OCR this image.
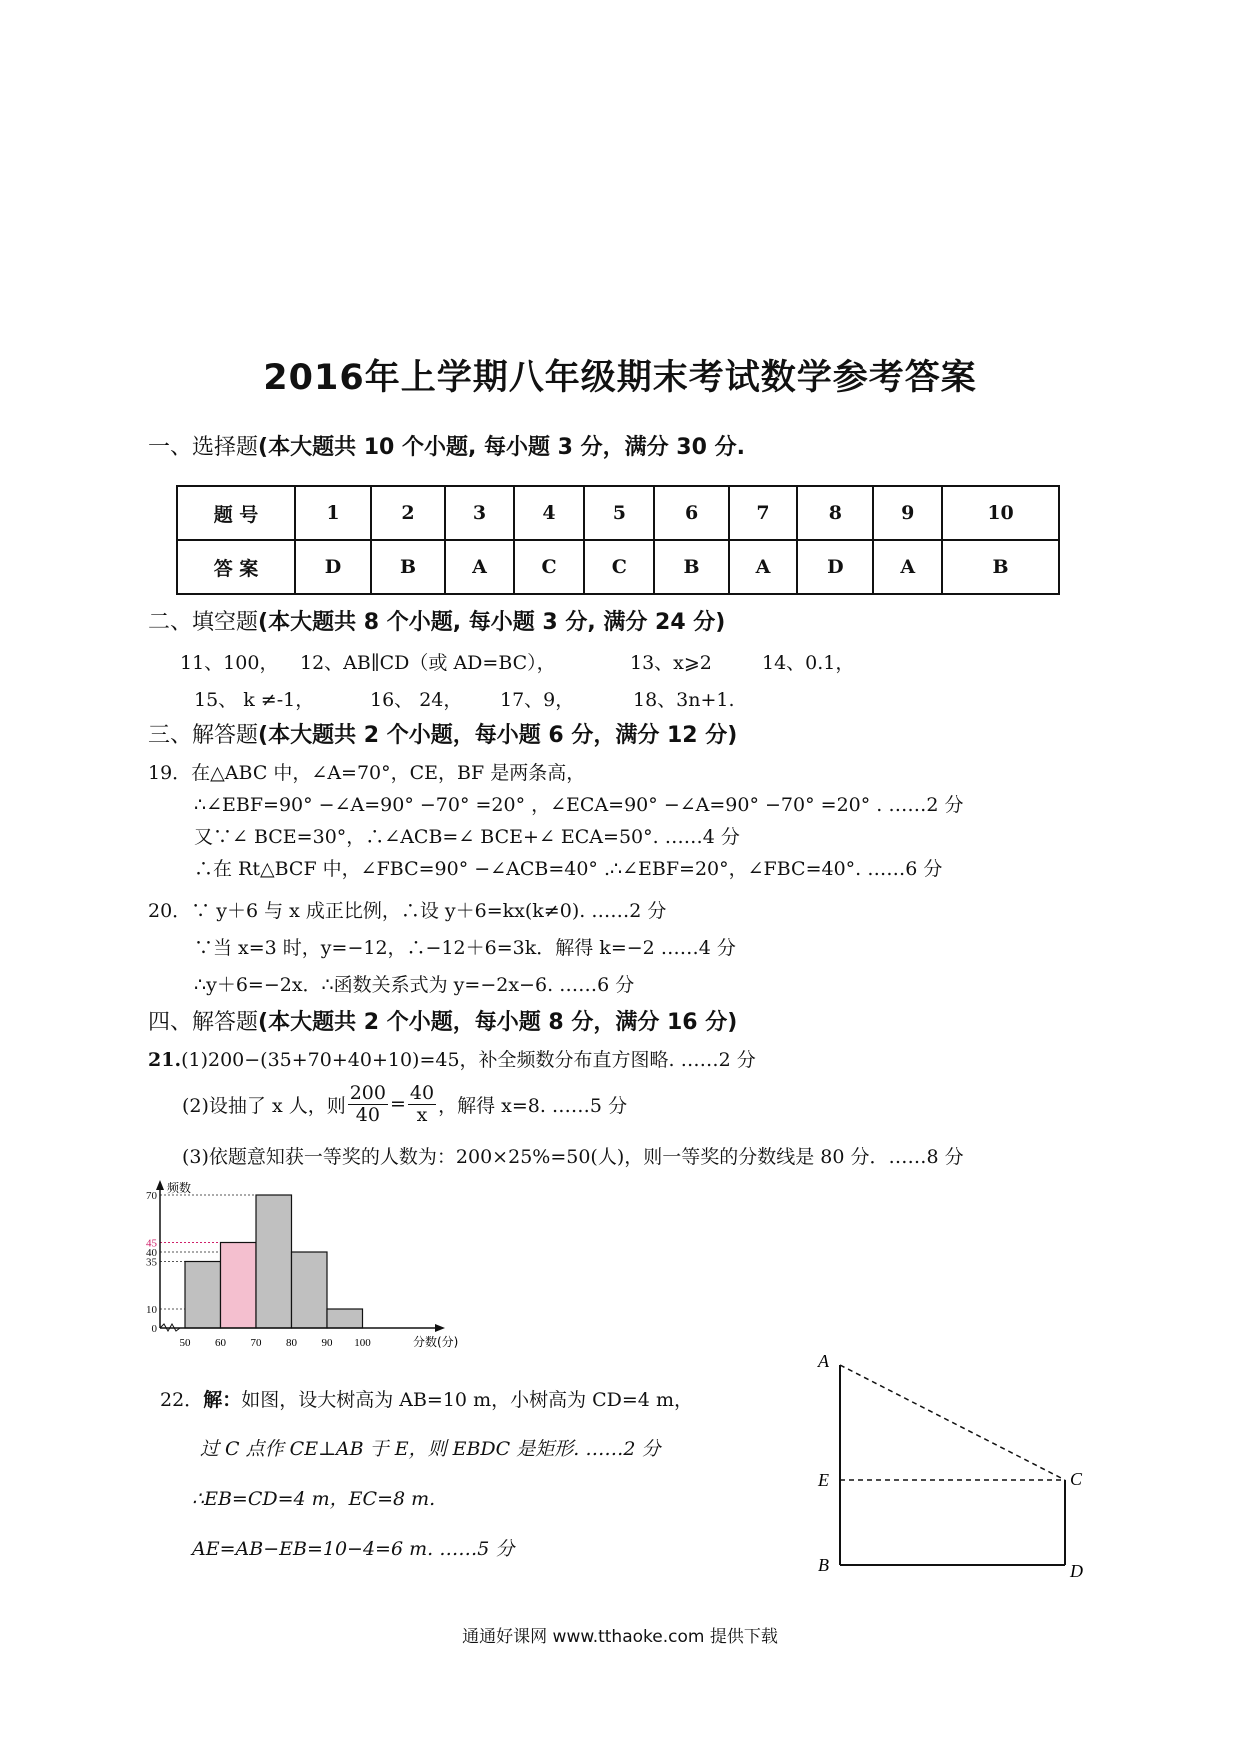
2016年上学期八年级期末考试数学参考答案
一、选择题(本大题共 10 个小题, 每小题 3 分，满分 30 分.
题 号	1	2	3	4	5	6	7	8	9	10
答 案	D	B	A	C	C	B	A	D	A	B
二、填空题(本大题共 8 个小题, 每小题 3 分, 满分 24 分)
11、100， 12、AB∥CD（或 AD=BC），	13、x⩾2	14、0.1，
15、 k ≠-1，	16、 24， 17、9，	18、3n+1.
三、解答题(本大题共 2 个小题，每小题 6 分，满分 12 分)
19．在△ABC 中，∠A=70°，CE，BF 是两条高，
∴∠EBF=90° −∠A=90° −70° =20° ，∠ECA=90° −∠A=90° −70° =20° . ……2 分
又∵∠ BCE=30°，∴∠ACB=∠ BCE+∠ ECA=50°. ……4 分
∴在 Rt△BCF 中，∠FBC=90° −∠ACB=40° .∴∠EBF=20°，∠FBC=40°. ……6 分
20．∵ y＋6 与 x 成正比例，∴设 y＋6=kx(k≠0). ……2 分
∵当 x=3 时，y=−12，∴−12＋6=3k．解得 k=−2 ……4 分
∴y＋6=−2x．∴函数关系式为 y=−2x−6. ……6 分
四、解答题(本大题共 2 个小题，每小题 8 分，满分 16 分)
21.(1)200−(35+70+40+10)=45，补全频数分布直方图略. ……2 分
(2)设抽了 x 人，则 $\frac{200}{40} = \frac{40}{x}$ ，解得 x=8. ……5 分
(3)依题意知获一等奖的人数为：200×25%=50(人)，则一等奖的分数线是 80 分．……8 分
0
10
35
40
45
70
50 60 70 80 90 100
频数
分数(分)
22．解：如图，设大树高为 AB=10 m，小树高为 CD=4 m，
过 C 点作 CE⊥AB 于 E，则 EBDC 是矩形. ……2 分
∴EB=CD=4 m，EC=8 m.
AE=AB−EB=10−4=6 m. ……5 分
A
E
B
C
D
通通好课网 www.tthaoke.com 提供下载
